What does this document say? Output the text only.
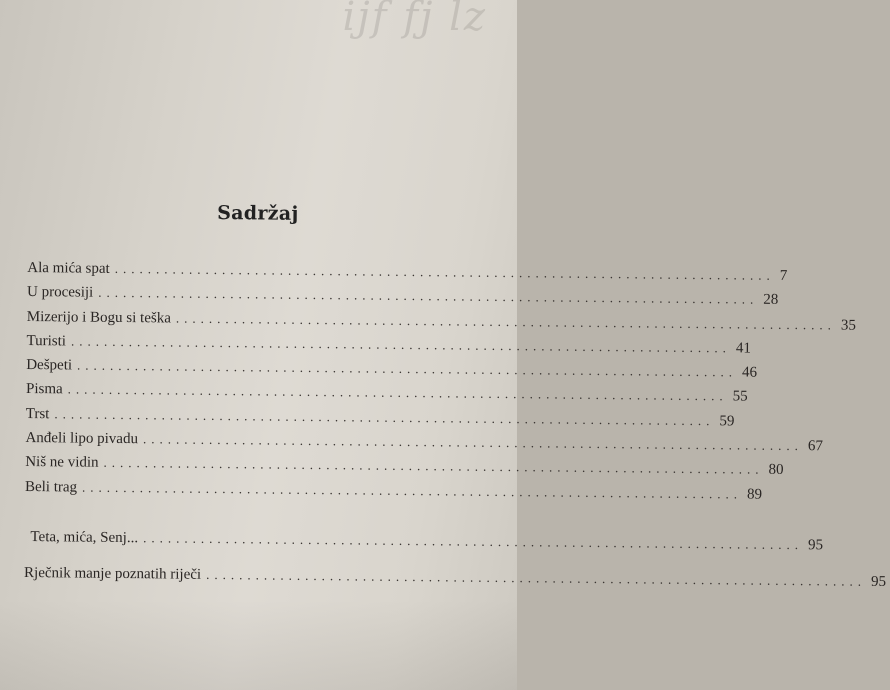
ijf fj lz
Sadržaj
Ala mića spat ................................................................................ 7
U procesiji ................................................................................ 28
Mizerijo i Bogu si teška ................................................................................ 35
Turisti ................................................................................ 41
Dešpeti ................................................................................ 46
Pisma ................................................................................ 55
Trst ................................................................................ 59
Anđeli lipo pivadu ................................................................................ 67
Niš ne vidin ................................................................................ 80
Beli trag ................................................................................ 89
Teta, mića, Senj... ................................................................................ 95
Rječnik manje poznatih riječi ................................................................................ 95
